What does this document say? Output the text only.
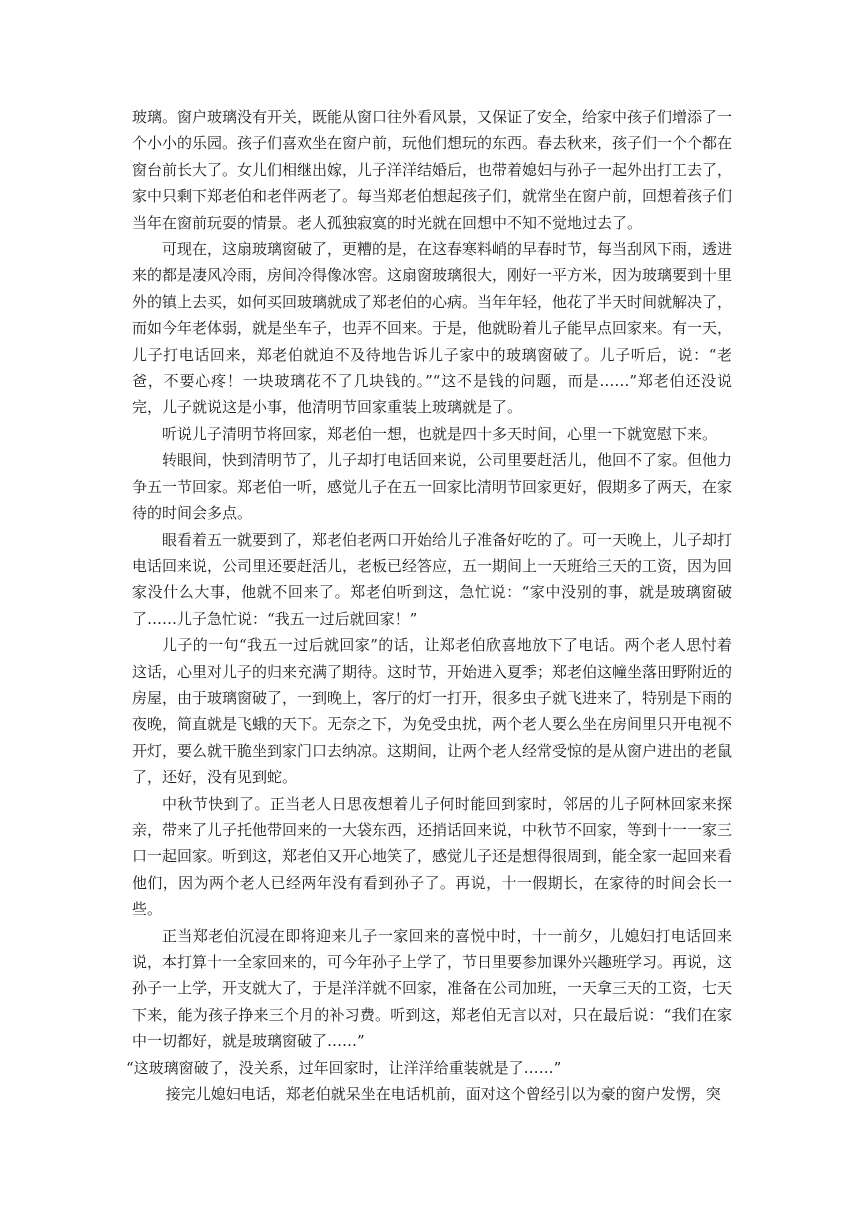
玻璃。窗户玻璃没有开关，既能从窗口往外看风景，又保证了安全，给家中孩子们增添了一个小小的乐园。孩子们喜欢坐在窗户前，玩他们想玩的东西。春去秋来，孩子们一个个都在窗台前长大了。女儿们相继出嫁，儿子洋洋结婚后，也带着媳妇与孙子一起外出打工去了，家中只剩下郑老伯和老伴两老了。每当郑老伯想起孩子们，就常坐在窗户前，回想着孩子们当年在窗前玩耍的情景。老人孤独寂寞的时光就在回想中不知不觉地过去了。

可现在，这扇玻璃窗破了，更糟的是，在这春寒料峭的早春时节，每当刮风下雨，透进来的都是凄风冷雨，房间冷得像冰窖。这扇窗玻璃很大，刚好一平方米，因为玻璃要到十里外的镇上去买，如何买回玻璃就成了郑老伯的心病。当年年轻，他花了半天时间就解决了，而如今年老体弱，就是坐车子，也弄不回来。于是，他就盼着儿子能早点回家来。有一天，儿子打电话回来，郑老伯就迫不及待地告诉儿子家中的玻璃窗破了。儿子听后，说：“老爸，不要心疼！一块玻璃花不了几块钱的。”“这不是钱的问题，而是……”郑老伯还没说完，儿子就说这是小事，他清明节回家重装上玻璃就是了。

听说儿子清明节将回家，郑老伯一想，也就是四十多天时间，心里一下就宽慰下来。

转眼间，快到清明节了，儿子却打电话回来说，公司里要赶活儿，他回不了家。但他力争五一节回家。郑老伯一听，感觉儿子在五一回家比清明节回家更好，假期多了两天，在家待的时间会多点。

眼看着五一就要到了，郑老伯老两口开始给儿子准备好吃的了。可一天晚上，儿子却打电话回来说，公司里还要赶活儿，老板已经答应，五一期间上一天班给三天的工资，因为回家没什么大事，他就不回来了。郑老伯听到这，急忙说：“家中没别的事，就是玻璃窗破了……儿子急忙说：“我五一过后就回家！”

儿子的一句“我五一过后就回家”的话，让郑老伯欣喜地放下了电话。两个老人思忖着这话，心里对儿子的归来充满了期待。这时节，开始进入夏季；郑老伯这幢坐落田野附近的房屋，由于玻璃窗破了，一到晚上，客厅的灯一打开，很多虫子就飞进来了，特别是下雨的夜晚，简直就是飞蛾的天下。无奈之下，为免受虫扰，两个老人要么坐在房间里只开电视不开灯，要么就干脆坐到家门口去纳凉。这期间，让两个老人经常受惊的是从窗户进出的老鼠了，还好，没有见到蛇。

中秋节快到了。正当老人日思夜想着儿子何时能回到家时，邻居的儿子阿林回家来探亲，带来了儿子托他带回来的一大袋东西，还捎话回来说，中秋节不回家，等到十一一家三口一起回家。听到这，郑老伯又开心地笑了，感觉儿子还是想得很周到，能全家一起回来看他们，因为两个老人已经两年没有看到孙子了。再说，十一假期长，在家待的时间会长一些。

正当郑老伯沉浸在即将迎来儿子一家回来的喜悦中时，十一前夕，儿媳妇打电话回来说，本打算十一全家回来的，可今年孙子上学了，节日里要参加课外兴趣班学习。再说，这孙子一上学，开支就大了，于是洋洋就不回家，准备在公司加班，一天拿三天的工资，七天下来，能为孩子挣来三个月的补习费。听到这，郑老伯无言以对，只在最后说：“我们在家中一切都好，就是玻璃窗破了……”

“这玻璃窗破了，没关系，过年回家时，让洋洋给重装就是了……”

接完儿媳妇电话，郑老伯就呆坐在电话机前，面对这个曾经引以为豪的窗户发愣，突
